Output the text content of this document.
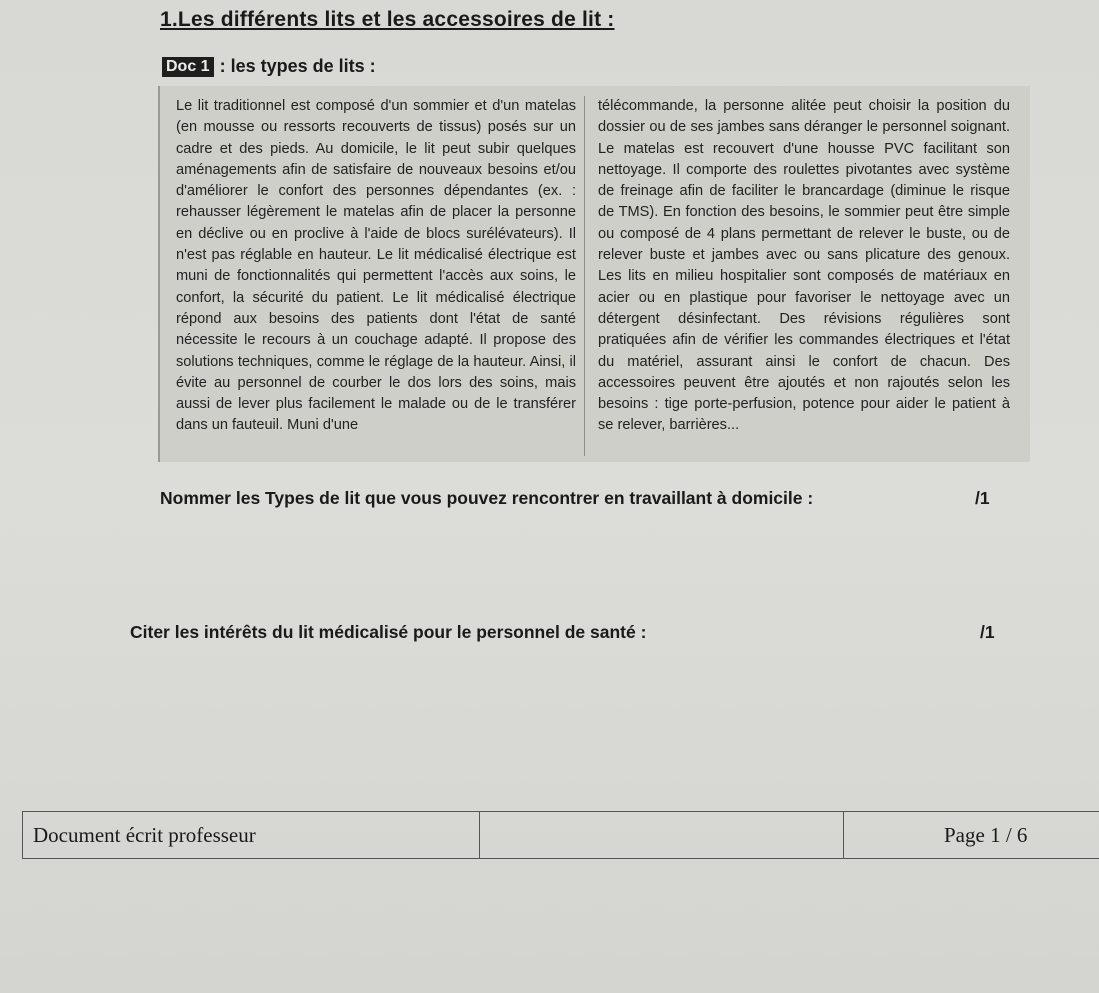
1.Les différents lits et les accessoires de lit :
Doc 1 : les types de lits :

Le lit traditionnel est composé d'un sommier et d'un matelas (en mousse ou ressorts recouverts de tissus) posés sur un cadre et des pieds. Au domicile, le lit peut subir quelques aménagements afin de satisfaire de nouveaux besoins et/ou d'améliorer le confort des personnes dépendantes (ex. : rehausser légèrement le matelas afin de placer la personne en déclive ou en proclive à l'aide de blocs surélévateurs). Il n'est pas réglable en hauteur. Le lit médicalisé électrique est muni de fonctionnalités qui permettent l'accès aux soins, le confort, la sécurité du patient. Le lit médicalisé électrique répond aux besoins des patients dont l'état de santé nécessite le recours à un couchage adapté. Il propose des solutions techniques, comme le réglage de la hauteur. Ainsi, il évite au personnel de courber le dos lors des soins, mais aussi de lever plus facilement le malade ou de le transférer dans un fauteuil. Muni d'une

télécommande, la personne alitée peut choisir la position du dossier ou de ses jambes sans déranger le personnel soignant. Le matelas est recouvert d'une housse PVC facilitant son nettoyage. Il comporte des roulettes pivotantes avec système de freinage afin de faciliter le brancardage (diminue le risque de TMS). En fonction des besoins, le sommier peut être simple ou composé de 4 plans permettant de relever le buste, ou de relever buste et jambes avec ou sans plicature des genoux. Les lits en milieu hospitalier sont composés de matériaux en acier ou en plastique pour favoriser le nettoyage avec un détergent désinfectant. Des révisions régulières sont pratiquées afin de vérifier les commandes électriques et l'état du matériel, assurant ainsi le confort de chacun. Des accessoires peuvent être ajoutés et non rajoutés selon les besoins : tige porte-perfusion, potence pour aider le patient à se relever, barrières...

Nommer les Types de lit que vous pouvez rencontrer en travaillant à domicile :	/1
Citer les intérêts du lit médicalisé pour le personnel de santé :	/1
Document écrit professeur	Page 1 / 6
